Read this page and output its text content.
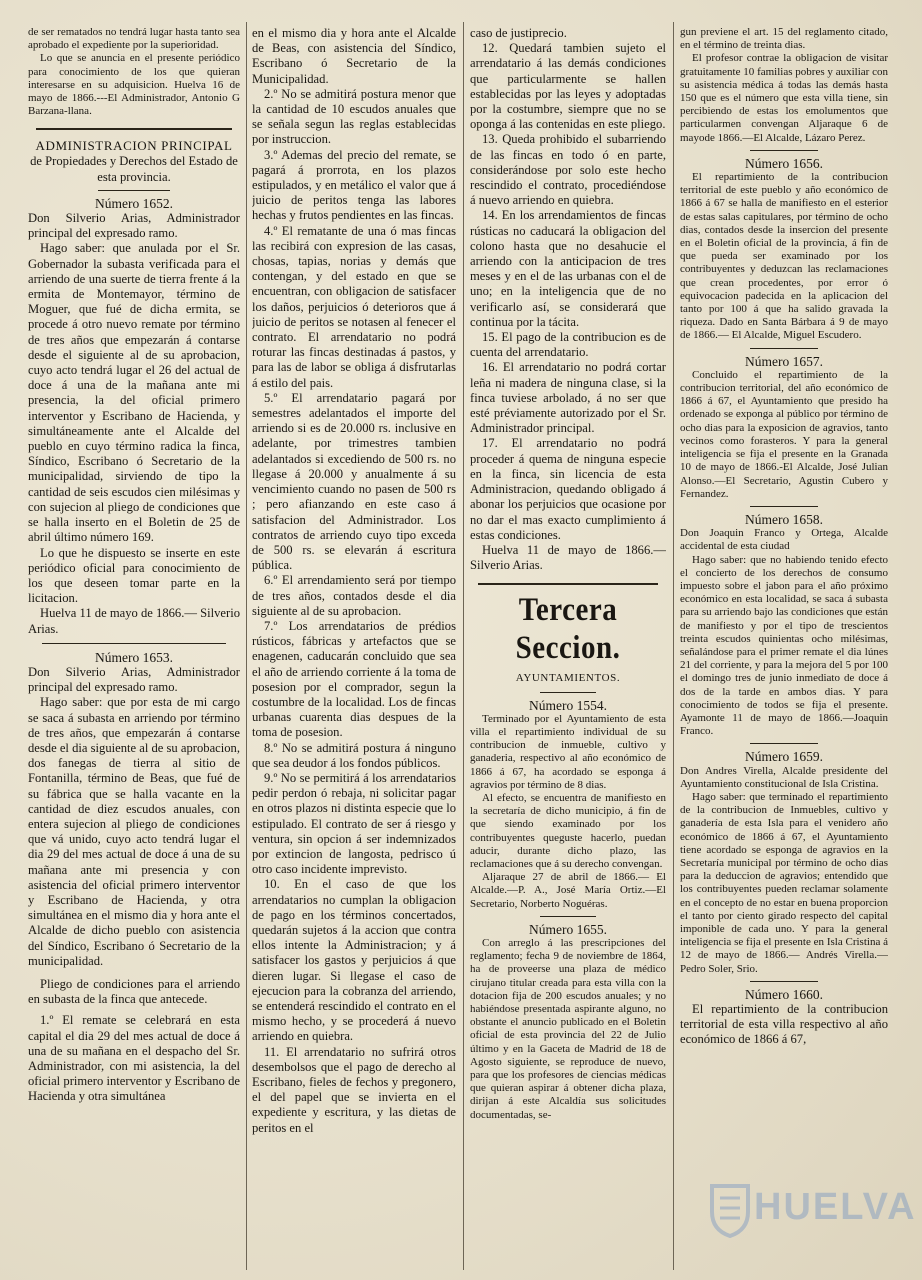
de ser rematados no tendrá lugar hasta tanto sea aprobado el expediente por la superioridad.

Lo que se anuncia en el presente periódico para conocimiento de los que quieran interesarse en su adquisicion. Huelva 16 de mayo de 1866.---El Administrador, Antonio G Barzana-llana.

ADMINISTRACION PRINCIPAL
de Propiedades y Derechos del Estado de esta provincia.

Número 1652.

Don Silverio Arias, Administrador principal del expresado ramo.

Hago saber: que anulada por el Sr. Gobernador la subasta verificada para el arriendo de una suerte de tierra frente á la ermita de Montemayor, término de Moguer, que fué de dicha ermita, se procede á otro nuevo remate por término de tres años que empezarán á contarse desde el siguiente al de su aprobacion, cuyo acto tendrá lugar el 26 del actual de doce á una de la mañana ante mi presencia, la del oficial primero interventor y Escribano de Hacienda, y simultáneamente ante el Alcalde del pueblo en cuyo término radica la finca, Síndico, Escribano ó Secretario de la municipalidad, sirviendo de tipo la cantidad de seis escudos cien milésimas y con sujecion al pliego de condiciones que se halla inserto en el Boletin de 25 de abril último número 169.

Lo que he dispuesto se inserte en este periódico oficial para conocimiento de los que deseen tomar parte en la licitacion.

Huelva 11 de mayo de 1866.— Silverio Arias.

Número 1653.

Don Silverio Arias, Administrador principal del expresado ramo.

Hago saber: que por esta de mi cargo se saca á subasta en arriendo por término de tres años, que empezarán á contarse desde el dia siguiente al de su aprobacion, dos fanegas de tierra al sitio de Fontanilla, término de Beas, que fué de su fábrica que se halla vacante en la cantidad de diez escudos anuales, con entera sujecion al pliego de condiciones que vá unido, cuyo acto tendrá lugar el dia 29 del mes actual de doce á una de su mañana ante mi presencia y con asistencia del oficial primero interventor y Escribano de Hacienda, y otra simultánea en el mismo dia y hora ante el Alcalde de dicho pueblo con asistencia del Síndico, Escribano ó Secretario de la municipalidad.

Pliego de condiciones para el arriendo en subasta de la finca que antecede.

1.º El remate se celebrará en esta capital el dia 29 del mes actual de doce á una de su mañana en el despacho del Sr. Administrador, con mi asistencia, la del oficial primero interventor y Escribano de Hacienda y otra simultánea

en el mismo dia y hora ante el Alcalde de Beas, con asistencia del Síndico, Escribano ó Secretario de la Municipalidad.

2.º No se admitirá postura menor que la cantidad de 10 escudos anuales que se señala segun las reglas establecidas por instruccion.

3.º Ademas del precio del remate, se pagará á prorrota, en los plazos estipulados, y en metálico el valor que á juicio de peritos tenga las labores hechas y frutos pendientes en las fincas.

4.º El rematante de una ó mas fincas las recibirá con expresion de las casas, chosas, tapias, norias y demás que contengan, y del estado en que se encuentran, con obligacion de satisfacer los daños, perjuicios ó deterioros que á juicio de peritos se notasen al fenecer el contrato. El arrendatario no podrá roturar las fincas destinadas á pastos, y para las de labor se obliga á disfrutarlas á estilo del pais.

5.º El arrendatario pagará por semestres adelantados el importe del arriendo si es de 20.000 rs. inclusive en adelante, por trimestres tambien adelantados si excediendo de 500 rs. no llegase á 20.000 y anualmente á su vencimiento cuando no pasen de 500 rs ; pero afianzando en este caso á satisfacion del Administrador. Los contratos de arriendo cuyo tipo exceda de 500 rs. se elevarán á escritura pública.

6.º El arrendamiento será por tiempo de tres años, contados desde el dia siguiente al de su aprobacion.

7.º Los arrendatarios de prédios rústicos, fábricas y artefactos que se enagenen, caducarán concluido que sea el año de arriendo corriente á la toma de posesion por el comprador, segun la costumbre de la localidad. Los de fincas urbanas cuarenta dias despues de la toma de posesion.

8.º No se admitirá postura á ninguno que sea deudor á los fondos públicos.

9.º No se permitirá á los arrendatarios pedir perdon ó rebaja, ni solicitar pagar en otros plazos ni distinta especie que lo estipulado. El contrato de ser á riesgo y ventura, sin opcion á ser indemnizados por extincion de langosta, pedrisco ú otro caso incidente imprevisto.

10. En el caso de que los arrendatarios no cumplan la obligacion de pago en los términos concertados, quedarán sujetos á la accion que contra ellos intente la Administracion; y á satisfacer los gastos y perjuicios á que dieren lugar. Si llegase el caso de ejecucion para la cobranza del arriendo, se entenderá rescindido el contrato en el mismo hecho, y se procederá á nuevo arriendo en quiebra.

11. El arrendatario no sufrirá otros desembolsos que el pago de derecho al Escribano, fieles de fechos y pregonero, el del papel que se invierta en el expediente y escritura, y las dietas de peritos en el

caso de justiprecio.

12. Quedará tambien sujeto el arrendatario á las demás condiciones que particularmente se hallen establecidas por las leyes y adoptadas por la costumbre, siempre que no se oponga á las contenidas en este pliego.

13. Queda prohibido el subarriendo de las fincas en todo ó en parte, considerándose por solo este hecho rescindido el contrato, procediéndose á nuevo arriendo en quiebra.

14. En los arrendamientos de fincas rústicas no caducará la obligacion del colono hasta que no desahucie el arriendo con la anticipacion de tres meses y en el de las urbanas con el de uno; en la inteligencia que de no verificarlo así, se considerará que continua por la tácita.

15. El pago de la contribucion es de cuenta del arrendatario.

16. El arrendatario no podrá cortar leña ni madera de ninguna clase, si la finca tuviese arbolado, á no ser que esté préviamente autorizado por el Sr. Administrador principal.

17. El arrendatario no podrá proceder á quema de ninguna especie en la finca, sin licencia de esta Administracion, quedando obligado á abonar los perjuicios que ocasione por no dar el mas exacto cumplimiento á estas condiciones.

Huelva 11 de mayo de 1866.— Silverio Arias.

Tercera Seccion.
AYUNTAMIENTOS.

Número 1554.

Terminado por el Ayuntamiento de esta villa el repartimiento individual de su contribucion de inmueble, cultivo y ganaderia, respectivo al año económico de 1866 á 67, ha acordado se esponga á agravios por término de 8 dias.

Al efecto, se encuentra de manifiesto en la secretaría de dicho municipio, á fin de que siendo examinado por los contribuyentes queguste hacerlo, puedan aducir, durante dicho plazo, las reclamaciones que á su derecho convengan.

Aljaraque 27 de abril de 1866.— El Alcalde.—P. A., José María Ortiz.—El Secretario, Norberto Noguéras.

Número 1655.

Con arreglo á las prescripciones del reglamento; fecha 9 de noviembre de 1864, ha de proveerse una plaza de médico cirujano titular creada para esta villa con la dotacion fija de 200 escudos anuales; y no habiéndose presentada aspirante alguno, no obstante el anuncio publicado en el Boletin oficial de esta provincia del 22 de Julio último y en la Gaceta de Madrid de 18 de Agosto siguiente, se reproduce de nuevo, para que los profesores de ciencias médicas que quieran aspirar á obtener dicha plaza, dirijan á este Alcaldía sus solicitudes documentadas, se-

gun previene el art. 15 del reglamento citado, en el término de treinta dias.

El profesor contrae la obligacion de visitar gratuitamente 10 familias pobres y auxiliar con su asistencia médica á todas las demás hasta 150 que es el número que esta villa tiene, sin percibiendo de estas los emolumentos que particularmen convengan Aljaraque 6 de mayode 1866.—El Alcalde, Lázaro Perez.

Número 1656.

El repartimiento de la contribucion territorial de este pueblo y año económico de 1866 á 67 se halla de manifiesto en el esterior de estas salas capitulares, por término de ocho dias, contados desde la insercion del presente en el Boletin oficial de la provincia, á fin de que pueda ser examinado por los contribuyentes y deduzcan las reclamaciones que crean procedentes, por error ó equivocacion padecida en la aplicacion del tanto por 100 á que ha salido gravada la riqueza. Dado en Santa Bárbara á 9 de mayo de 1866.— El Alcalde, Miguel Escudero.

Número 1657.

Concluido el repartimiento de la contribucion territorial, del año económico de 1866 á 67, el Ayuntamiento que presido ha ordenado se exponga al público por término de ocho dias para la exposicion de agravios, tanto vecinos como forasteros. Y para la general inteligencia se fija el presente en la Granada 10 de mayo de 1866.-El Alcalde, José Julian Alonso.—El Secretario, Agustin Cubero y Fernandez.

Número 1658.

Don Joaquin Franco y Ortega, Alcalde accidental de esta ciudad

Hago saber: que no habiendo tenido efecto el concierto de los derechos de consumo impuesto sobre el jabon para el año próximo económico en esta localidad, se saca á subasta para su arriendo bajo las condiciones que están de manifiesto y por el tipo de trescientos treinta escudos quinientas ocho milésimas, señalándose para el primer remate el dia lúnes 21 del corriente, y para la mejora del 5 por 100 el domingo tres de junio inmediato de doce á dos de la tarde en ambos dias. Y para conocimiento de todos se fija el presente. Ayamonte 11 de mayo de 1866.—Joaquin Franco.

Número 1659.

Don Andres Virella, Alcalde presidente del Ayuntamiento constitucional de Isla Cristina.

Hago saber: que terminado el repartimiento de la contribucion de Inmuebles, cultivo y ganadería de esta Isla para el venidero año económico de 1866 á 67, el Ayuntamiento tiene acordado se esponga de agravios en la Secretaría municipal por término de ocho dias para la deduccion de agravios; entendido que los contribuyentes pueden reclamar solamente en el concepto de no estar en buena proporcion el tanto por ciento girado respecto del capital imponible de cada uno. Y para la general inteligencia se fija el presente en Isla Cristina á 12 de mayo de 1866.— Andrés Virella.—Pedro Soler, Srio.

Número 1660.

El repartimiento de la contribucion territorial de esta villa respectivo al año económico de 1866 á 67,

HUELVA
